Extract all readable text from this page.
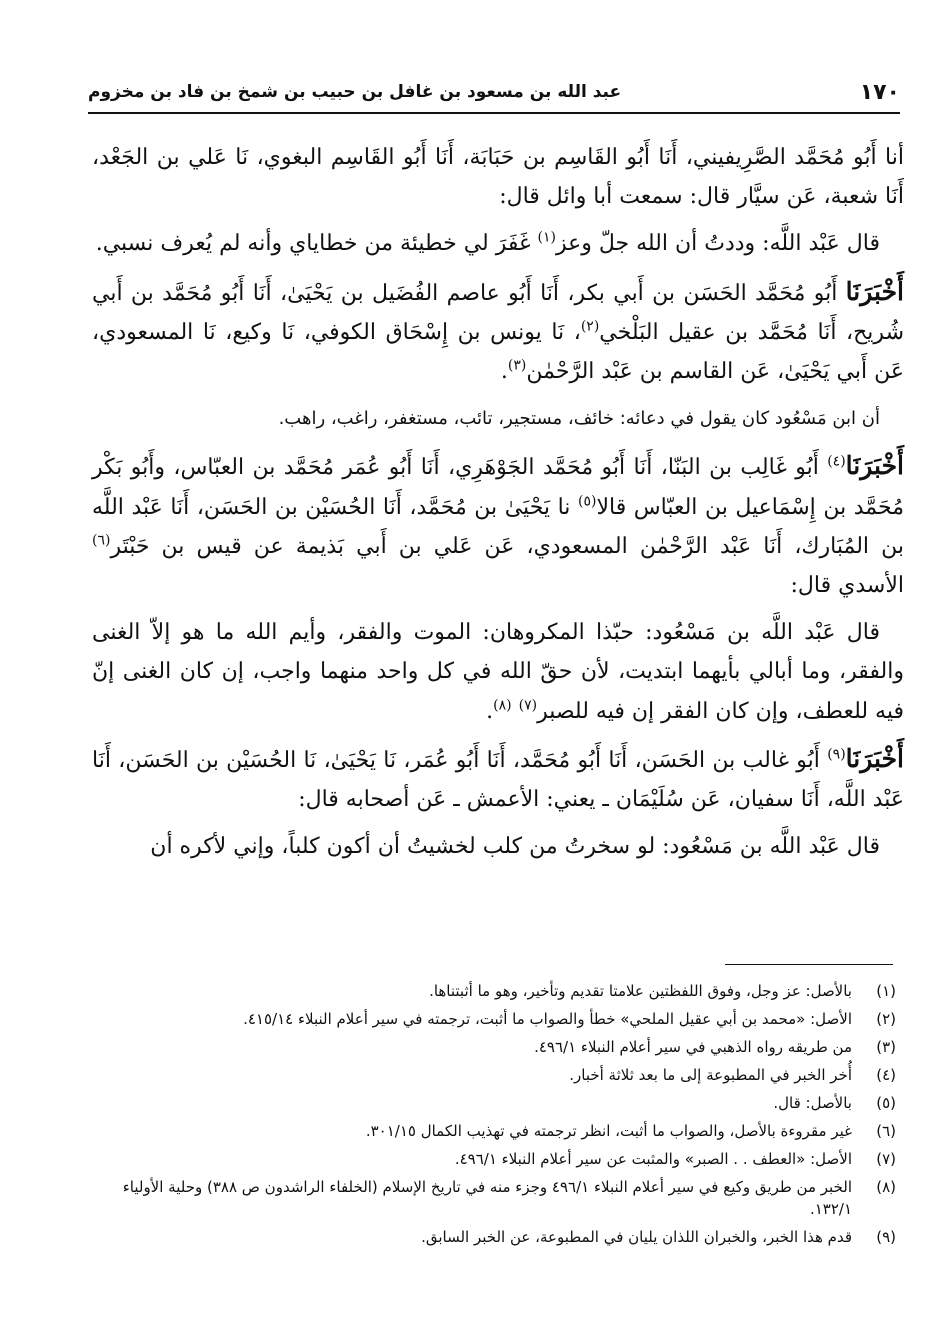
١٧٠
عبد الله بن مسعود بن غافل بن حبيب بن شمخ بن فاد بن مخزوم

أنا أَبُو مُحَمَّد الصَّرِيفيني، أَنَا أَبُو القَاسِم بن حَبَابَة، أَنَا أَبُو القَاسِم البغوي، نَا عَلي بن الجَعْد، أَنَا شعبة، عَن سيَّار قال: سمعت أبا وائل قال:

قال عَبْد اللَّه: وددتُ أن الله جلّ وعز$^{(١)}$ غَفَرَ لي خطيئة من خطاياي وأنه لم يُعرف نسبي.

أَخْبَرَنَا أَبُو مُحَمَّد الحَسَن بن أَبي بكر، أَنَا أَبُو عاصم الفُضَيل بن يَحْيَىٰ، أَنَا أَبُو مُحَمَّد بن أَبي شُريح، أَنَا مُحَمَّد بن عقيل البَلْخي$^{(٢)}$، نَا يونس بن إِسْحَاق الكوفي، نَا وكيع، نَا المسعودي، عَن أَبي يَحْيَىٰ، عَن القاسم بن عَبْد الرَّحْمٰن$^{(٣)}$.

أن ابن مَسْعُود كان يقول في دعائه: خائف، مستجير، تائب، مستغفر، راغب، راهب.

أَخْبَرَنَا$^{(٤)}$ أَبُو غَالِب بن البَنّا، أَنَا أَبُو مُحَمَّد الجَوْهَرِي، أَنَا أَبُو عُمَر مُحَمَّد بن العبّاس، وأَبُو بَكْر مُحَمَّد بن إِسْمَاعيل بن العبّاس قالا$^{(٥)}$ نا يَحْيَىٰ بن مُحَمَّد، أَنَا الحُسَيْن بن الحَسَن، أَنَا عَبْد اللَّه بن المُبَارك، أَنَا عَبْد الرَّحْمٰن المسعودي، عَن عَلي بن أَبي بَذيمة عن قيس بن حَبْتَر$^{(٦)}$ الأسدي قال:

قال عَبْد اللَّه بن مَسْعُود: حبّذا المكروهان: الموت والفقر، وأيم الله ما هو إلاّ الغنى والفقر، وما أبالي بأيهما ابتديت، لأن حقّ الله في كل واحد منهما واجب، إن كان الغنى إنّ فيه للعطف، وإن كان الفقر إن فيه للصبر$^{(٧)}$ $^{(٨)}$.

أَخْبَرَنَا$^{(٩)}$ أَبُو غالب بن الحَسَن، أَنَا أَبُو مُحَمَّد، أَنَا أَبُو عُمَر، نَا يَحْيَىٰ، نَا الحُسَيْن بن الحَسَن، أَنَا عَبْد اللَّه، أَنَا سفيان، عَن سُلَيْمَان ـ يعني: الأعمش ـ عَن أصحابه قال:

قال عَبْد اللَّه بن مَسْعُود: لو سخرتُ من كلب لخشيتُ أن أكون كلباً، وإني لأكره أن

(١)
بالأصل: عز وجل، وفوق اللفظتين علامتا تقديم وتأخير، وهو ما أثبتناها.
(٢)
الأصل: «محمد بن أبي عقيل الملحي» خطأ والصواب ما أثبت، ترجمته في سير أعلام النبلاء ٤١٥/١٤.
(٣)
من طريقه رواه الذهبي في سير أعلام النبلاء ٤٩٦/١.
(٤)
أُخر الخبر في المطبوعة إلى ما بعد ثلاثة أخبار.
(٥)
بالأصل: قال.
(٦)
غير مقروءة بالأصل، والصواب ما أثبت، انظر ترجمته في تهذيب الكمال ٣٠١/١٥.
(٧)
الأصل: «العطف . . الصبر» والمثبت عن سير أعلام النبلاء ٤٩٦/١.
(٨)
الخبر من طريق وكيع في سير أعلام النبلاء ٤٩٦/١ وجزء منه في تاريخ الإسلام (الخلفاء الراشدون ص ٣٨٨) وحلية الأولياء ١٣٢/١.
(٩)
قدم هذا الخبر، والخبران اللذان يليان في المطبوعة، عن الخبر السابق.
